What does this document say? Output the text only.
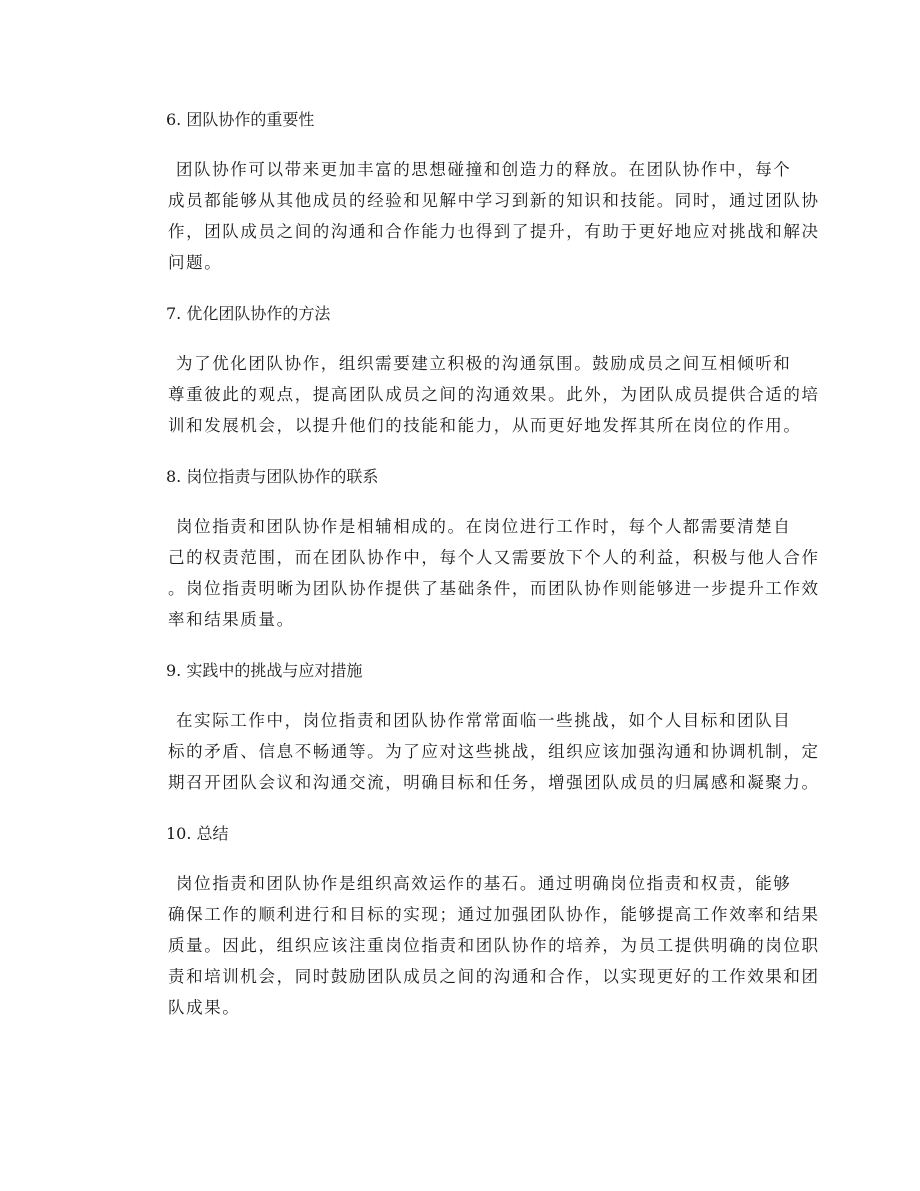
6. 团队协作的重要性
团队协作可以带来更加丰富的思想碰撞和创造力的释放。在团队协作中，每个
成员都能够从其他成员的经验和见解中学习到新的知识和技能。同时，通过团队协
作，团队成员之间的沟通和合作能力也得到了提升，有助于更好地应对挑战和解决
问题。
7. 优化团队协作的方法
为了优化团队协作，组织需要建立积极的沟通氛围。鼓励成员之间互相倾听和
尊重彼此的观点，提高团队成员之间的沟通效果。此外，为团队成员提供合适的培
训和发展机会，以提升他们的技能和能力，从而更好地发挥其所在岗位的作用。
8. 岗位指责与团队协作的联系
岗位指责和团队协作是相辅相成的。在岗位进行工作时，每个人都需要清楚自
己的权责范围，而在团队协作中，每个人又需要放下个人的利益，积极与他人合作
。岗位指责明晰为团队协作提供了基础条件，而团队协作则能够进一步提升工作效
率和结果质量。
9. 实践中的挑战与应对措施
在实际工作中，岗位指责和团队协作常常面临一些挑战，如个人目标和团队目
标的矛盾、信息不畅通等。为了应对这些挑战，组织应该加强沟通和协调机制，定
期召开团队会议和沟通交流，明确目标和任务，增强团队成员的归属感和凝聚力。
10. 总结
岗位指责和团队协作是组织高效运作的基石。通过明确岗位指责和权责，能够
确保工作的顺利进行和目标的实现；通过加强团队协作，能够提高工作效率和结果
质量。因此，组织应该注重岗位指责和团队协作的培养，为员工提供明确的岗位职
责和培训机会，同时鼓励团队成员之间的沟通和合作，以实现更好的工作效果和团
队成果。
